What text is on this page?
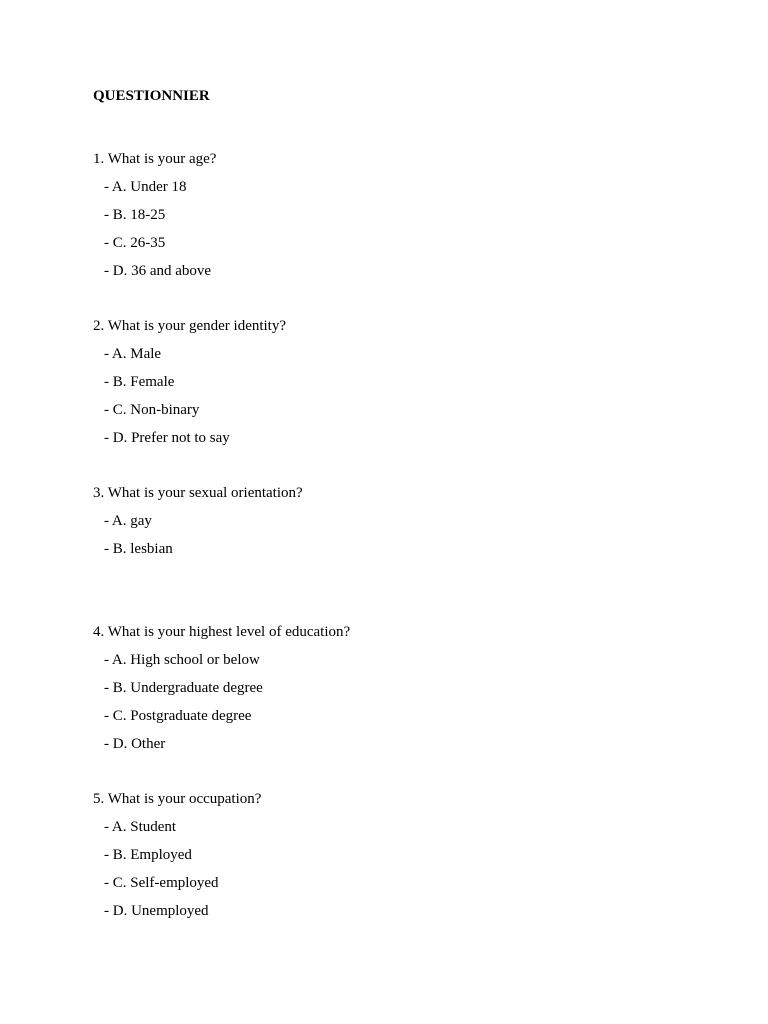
QUESTIONNIER
1. What is your age?
- A. Under 18
- B. 18-25
- C. 26-35
- D. 36 and above
2. What is your gender identity?
- A. Male
- B. Female
- C. Non-binary
- D. Prefer not to say
3. What is your sexual orientation?
- A. gay
- B. lesbian
4. What is your highest level of education?
- A. High school or below
- B. Undergraduate degree
- C. Postgraduate degree
- D. Other
5. What is your occupation?
- A. Student
- B. Employed
- C. Self-employed
- D. Unemployed
